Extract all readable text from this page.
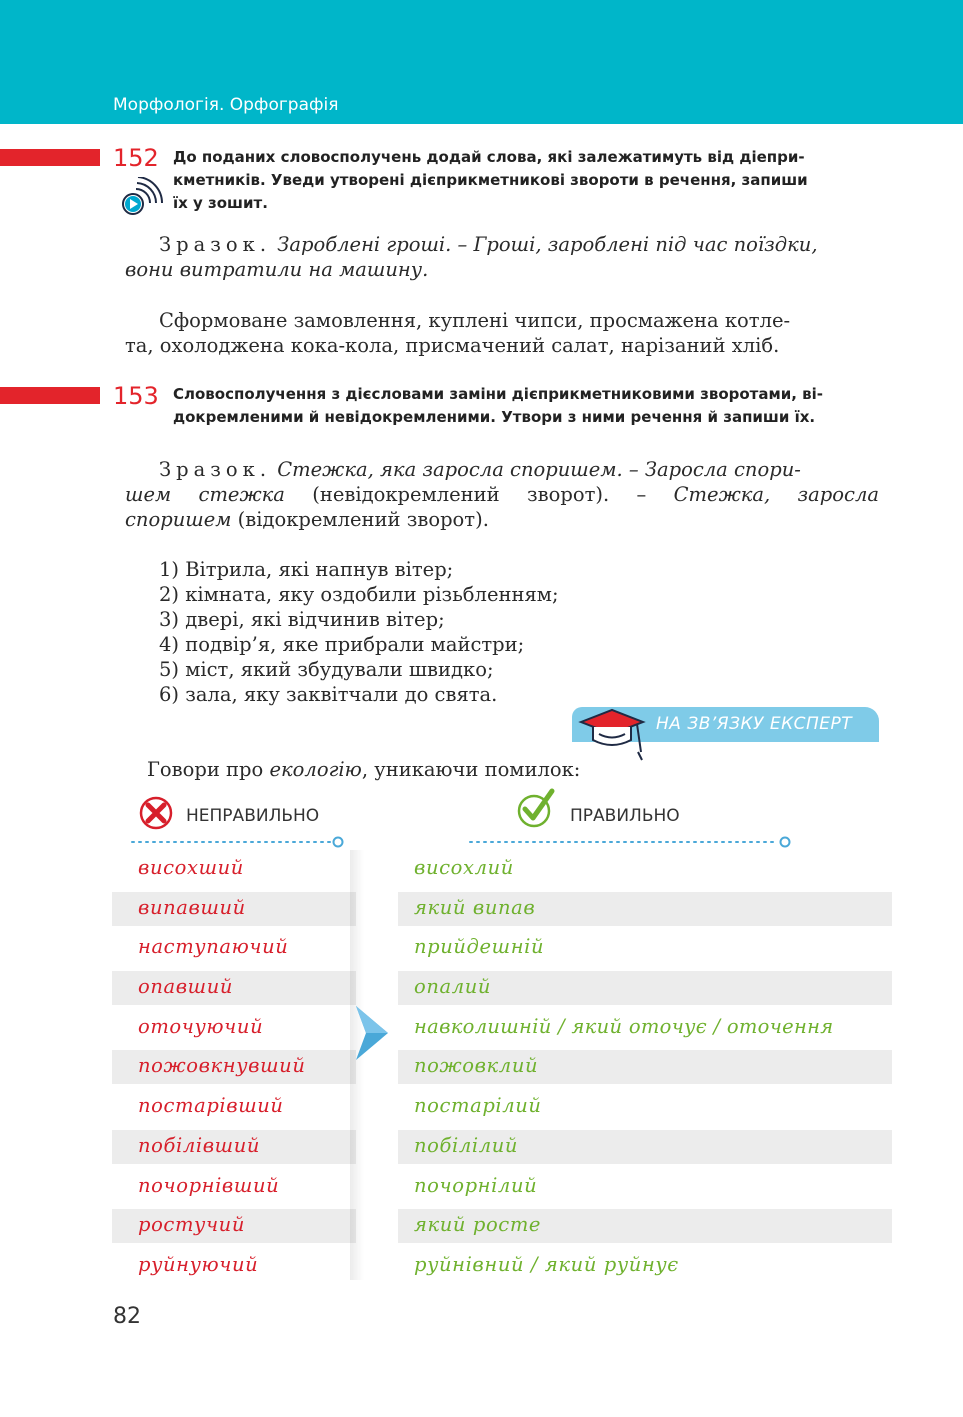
Морфологія. Орфографія
152 До поданих словосполучень додай слова, які залежатимуть від діепри-
кметників. Уведи утворені дієприкметникові звороти в речення, запиши
їх у зошит.
Зразок. Зароблені гроші. – Гроші, зароблені під час поїздки,
вони витратили на машину.
Сформоване замовлення, куплені чипси, просмажена котле-
та, охолоджена кока-кола, присмачений салат, нарізаний хліб.
153 Словосполучення з дієсловами заміни дієприкметниковими зворотами, ві-
докремленими й невідокремленими. Утвори з ними речення й запиши їх.
Зразок. Стежка, яка заросла споришем. – Заросла спори-
шем стежка (невідокремлений зворот). – Стежка, заросла
споришем (відокремлений зворот).
1) Вітрила, які напнув вітер;
2) кімната, яку оздобили різьбленням;
3) двері, які відчинив вітер;
4) подвір’я, яке прибрали майстри;
5) міст, який збудували швидко;
6) зала, яку заквітчали до свята.
НА ЗВ’ЯЗКУ ЕКСПЕРТ
Говори про екологію, уникаючи помилок:
НЕПРАВИЛЬНО	ПРАВИЛЬНО
висохший
випавший
наступаючий
опавший
оточуючий
пожовкнувший
постарівший
побілівший
почорнівший
ростучий
руйнуючий
висохлий
який випав
прийдешній
опалий
навколишній / який оточує / оточення
пожовклий
постарілий
побілілий
почорнілий
який росте
руйнівний / який руйнує
82
